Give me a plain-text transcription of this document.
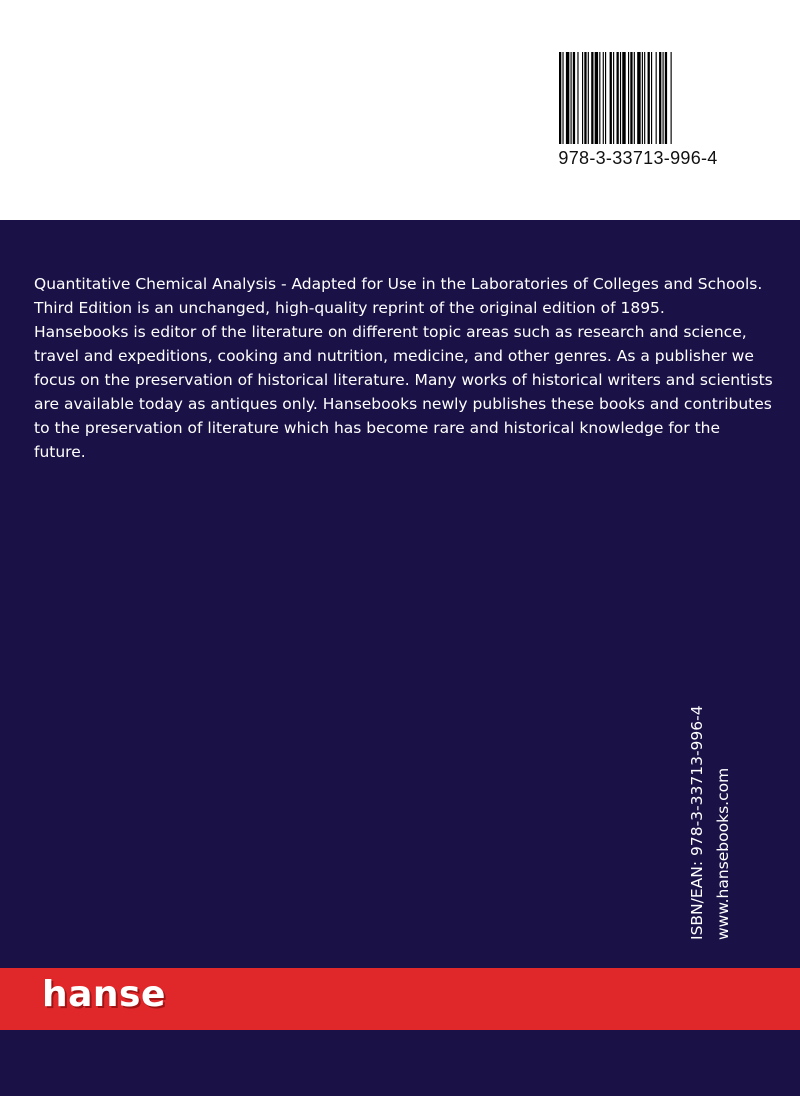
978-3-33713-996-4

Quantitative Chemical Analysis - Adapted for Use in the Laboratories of Colleges and Schools. Third Edition is an unchanged, high-quality reprint of the original edition of 1895.

Hansebooks is editor of the literature on different topic areas such as research and science, travel and expeditions, cooking and nutrition, medicine, and other genres. As a publisher we focus on the preservation of historical literature. Many works of historical writers and scientists are available today as antiques only. Hansebooks newly publishes these books and contributes to the preservation of literature which has become rare and historical knowledge for the future.

ISBN/EAN: 978-3-33713-996-4 www.hansebooks.com
hanse
